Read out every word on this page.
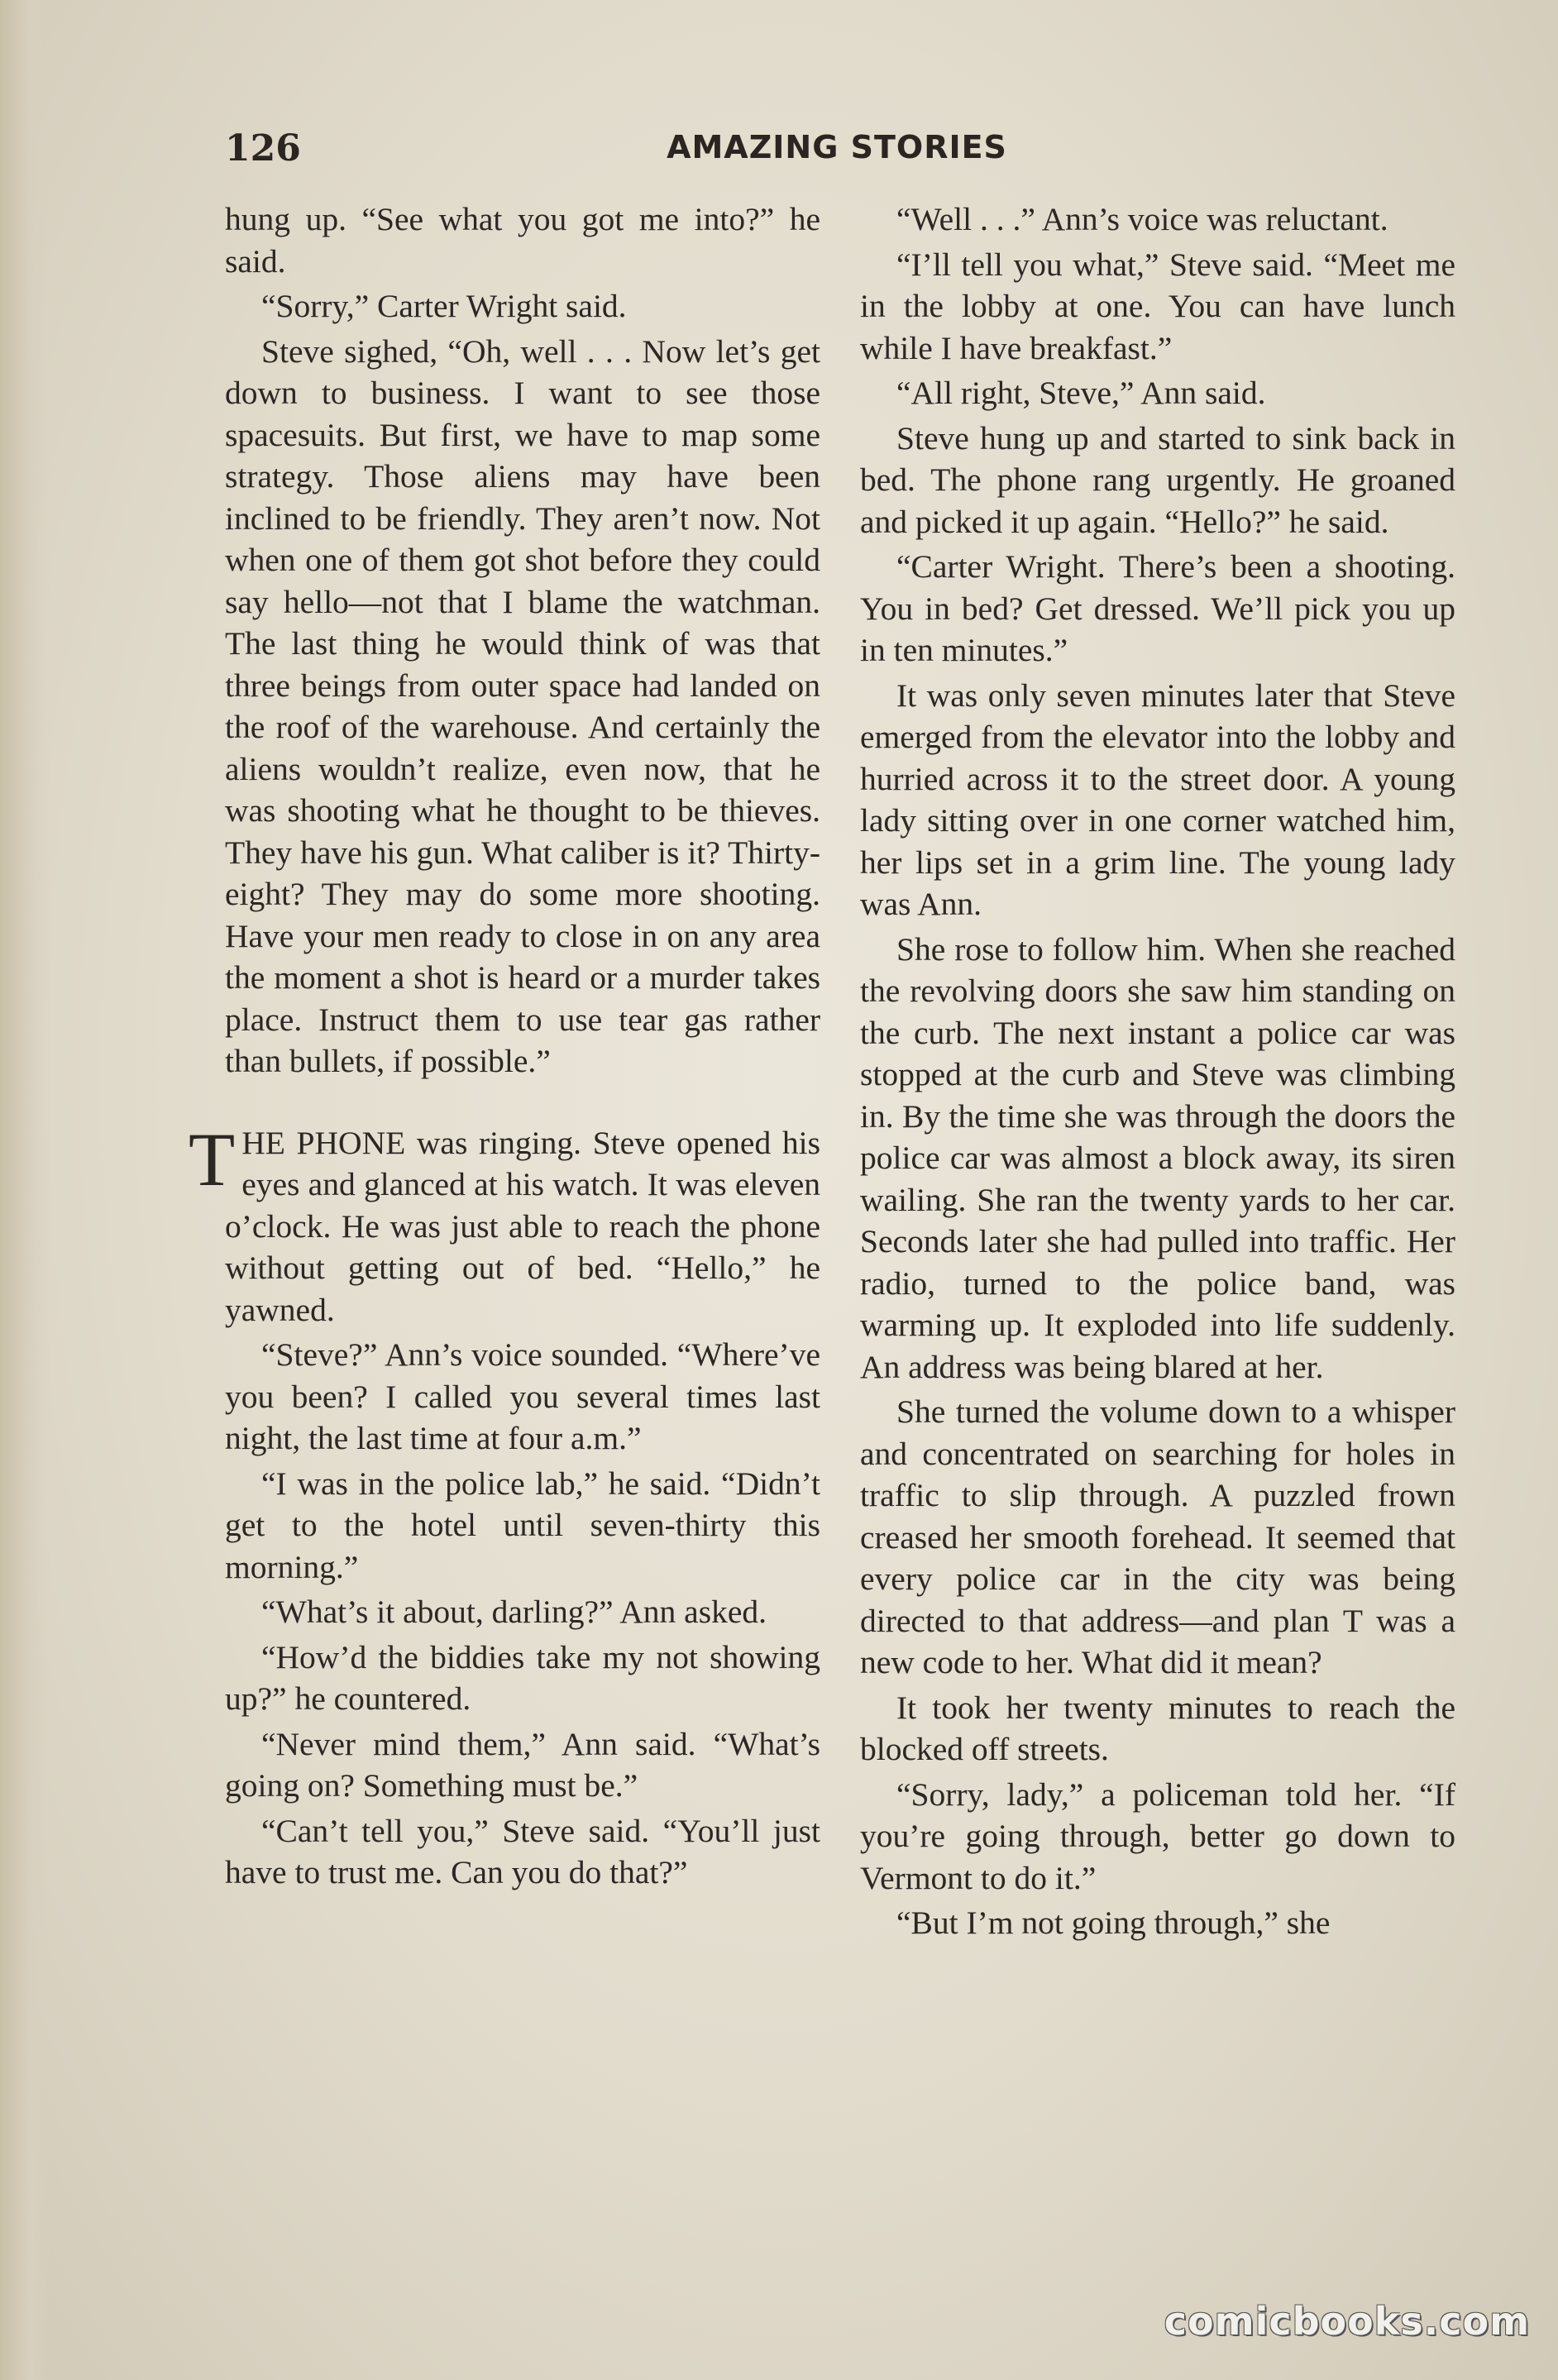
126	AMAZING STORIES

hung up. “See what you got me into?” he said.

“Sorry,” Carter Wright said.

Steve sighed, “Oh, well . . . Now let’s get down to business. I want to see those spacesuits. But first, we have to map some strategy. Those aliens may have been inclined to be friendly. They aren’t now. Not when one of them got shot before they could say hello—not that I blame the watchman. The last thing he would think of was that three beings from outer space had landed on the roof of the warehouse. And certainly the aliens wouldn’t realize, even now, that he was shooting what he thought to be thieves. They have his gun. What caliber is it? Thirty-eight? They may do some more shooting. Have your men ready to close in on any area the moment a shot is heard or a murder takes place. Instruct them to use tear gas rather than bullets, if possible.”

THE PHONE was ringing. Steve opened his eyes and glanced at his watch. It was eleven o’clock. He was just able to reach the phone without getting out of bed. “Hello,” he yawned.

“Steve?” Ann’s voice sounded. “Where’ve you been? I called you several times last night, the last time at four a.m.”

“I was in the police lab,” he said. “Didn’t get to the hotel until seven-thirty this morning.”

“What’s it about, darling?” Ann asked.

“How’d the biddies take my not showing up?” he countered.

“Never mind them,” Ann said. “What’s going on? Something must be.”

“Can’t tell you,” Steve said. “You’ll just have to trust me. Can you do that?”

“Well . . .” Ann’s voice was reluctant.

“I’ll tell you what,” Steve said. “Meet me in the lobby at one. You can have lunch while I have breakfast.”

“All right, Steve,” Ann said.

Steve hung up and started to sink back in bed. The phone rang urgently. He groaned and picked it up again. “Hello?” he said.

“Carter Wright. There’s been a shooting. You in bed? Get dressed. We’ll pick you up in ten minutes.”

It was only seven minutes later that Steve emerged from the elevator into the lobby and hurried across it to the street door. A young lady sitting over in one corner watched him, her lips set in a grim line. The young lady was Ann.

She rose to follow him. When she reached the revolving doors she saw him standing on the curb. The next instant a police car was stopped at the curb and Steve was climbing in. By the time she was through the doors the police car was almost a block away, its siren wailing. She ran the twenty yards to her car. Seconds later she had pulled into traffic. Her radio, turned to the police band, was warming up. It exploded into life suddenly. An address was being blared at her.

She turned the volume down to a whisper and concentrated on searching for holes in traffic to slip through. A puzzled frown creased her smooth forehead. It seemed that every police car in the city was being directed to that address—and plan T was a new code to her. What did it mean?

It took her twenty minutes to reach the blocked off streets.

“Sorry, lady,” a policeman told her. “If you’re going through, better go down to Vermont to do it.”

“But I’m not going through,” she

comicbooks.com
